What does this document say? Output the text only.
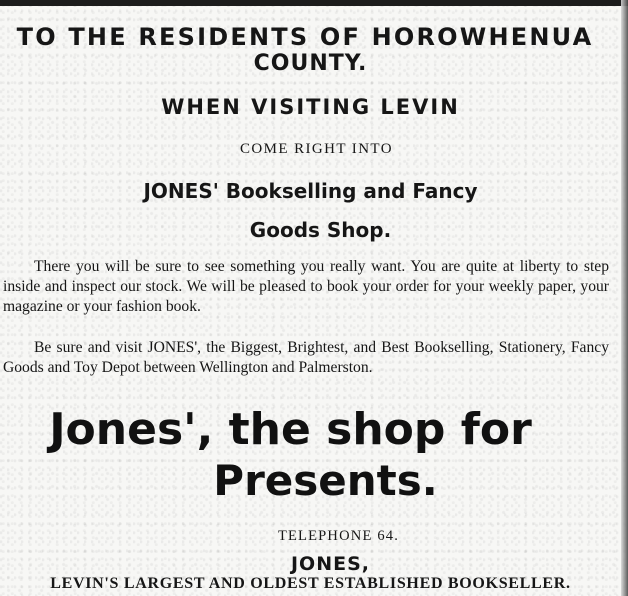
TO THE RESIDENTS OF HOROWHENUA
COUNTY.
WHEN VISITING LEVIN
COME RIGHT INTO
JONES' Bookselling and Fancy
Goods Shop.

There you will be sure to see something you really want. You are quite at liberty to step inside and inspect our stock. We will be pleased to book your order for your weekly paper, your magazine or your fashion book.

Be sure and visit JONES', the Biggest, Brightest, and Best Bookselling, Stationery, Fancy Goods and Toy Depot between Wellington and Palmerston.

Jones', the shop for
Presents.
TELEPHONE 64.
JONES,
LEVIN'S LARGEST AND OLDEST ESTABLISHED BOOKSELLER.
